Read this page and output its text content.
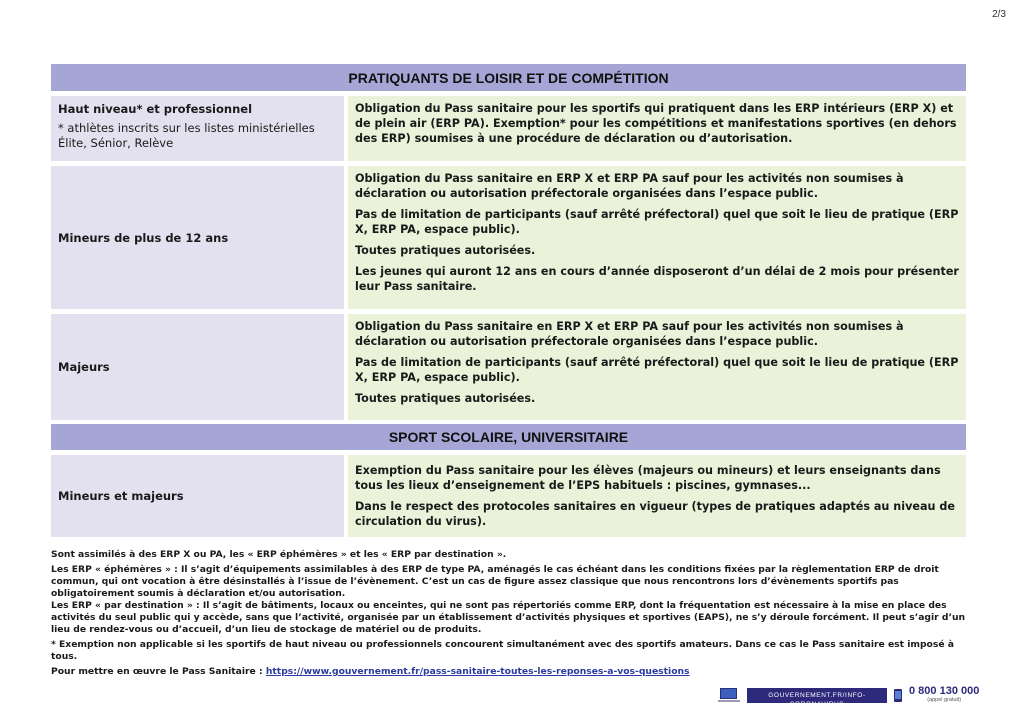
2/3
PRATIQUANTS DE LOISIR ET DE COMPÉTITION
Haut niveau* et professionnel
* athlètes inscrits sur les listes ministérielles Élite, Sénior, Relève

Obligation du Pass sanitaire pour les sportifs qui pratiquent dans les ERP intérieurs (ERP X) et de plein air (ERP PA). Exemption* pour les compétitions et manifestations sportives (en dehors des ERP) soumises à une procédure de déclaration ou d’autorisation.

Mineurs de plus de 12 ans

Obligation du Pass sanitaire en ERP X et ERP PA sauf pour les activités non soumises à déclaration ou autorisation préfectorale organisées dans l’espace public.

Pas de limitation de participants (sauf arrêté préfectoral) quel que soit le lieu de pratique (ERP X, ERP PA, espace public).

Toutes pratiques autorisées.

Les jeunes qui auront 12 ans en cours d’année disposeront d’un délai de 2 mois pour présenter leur Pass sanitaire.

Majeurs

Obligation du Pass sanitaire en ERP X et ERP PA sauf pour les activités non soumises à déclaration ou autorisation préfectorale organisées dans l’espace public.

Pas de limitation de participants (sauf arrêté préfectoral) quel que soit le lieu de pratique (ERP X, ERP PA, espace public).

Toutes pratiques autorisées.

SPORT SCOLAIRE, UNIVERSITAIRE
Mineurs et majeurs

Exemption du Pass sanitaire pour les élèves (majeurs ou mineurs) et leurs enseignants dans tous les lieux d’enseignement de l’EPS habituels : piscines, gymnases...

Dans le respect des protocoles sanitaires en vigueur (types de pratiques adaptés au niveau de circulation du virus).

Sont assimilés à des ERP X ou PA, les « ERP éphémères » et les « ERP par destination ».

Les ERP « éphémères » : Il s’agit d’équipements assimilables à des ERP de type PA, aménagés le cas échéant dans les conditions fixées par la règlementation ERP de droit commun, qui ont vocation à être désinstallés à l’issue de l’évènement. C’est un cas de figure assez classique que nous rencontrons lors d’évènements sportifs pas obligatoirement soumis à déclaration et/ou autorisation.

Les ERP « par destination » : Il s’agit de bâtiments, locaux ou enceintes, qui ne sont pas répertoriés comme ERP, dont la fréquentation est nécessaire à la mise en place des activités du seul public qui y accède, sans que l’activité, organisée par un établissement d’activités physiques et sportives (EAPS), ne s’y déroule forcément. Il peut s’agir d’un lieu de rendez-vous ou d’accueil, d’un lieu de stockage de matériel ou de produits.

* Exemption non applicable si les sportifs de haut niveau ou professionnels concourent simultanément avec des sportifs amateurs. Dans ce cas le Pass sanitaire est imposé à tous.

Pour mettre en œuvre le Pass Sanitaire : https://www.gouvernement.fr/pass-sanitaire-toutes-les-reponses-a-vos-questions

GOUVERNEMENT.FR/INFO-CORONAVIRUS
0 800 130 000
(appel gratuit)
